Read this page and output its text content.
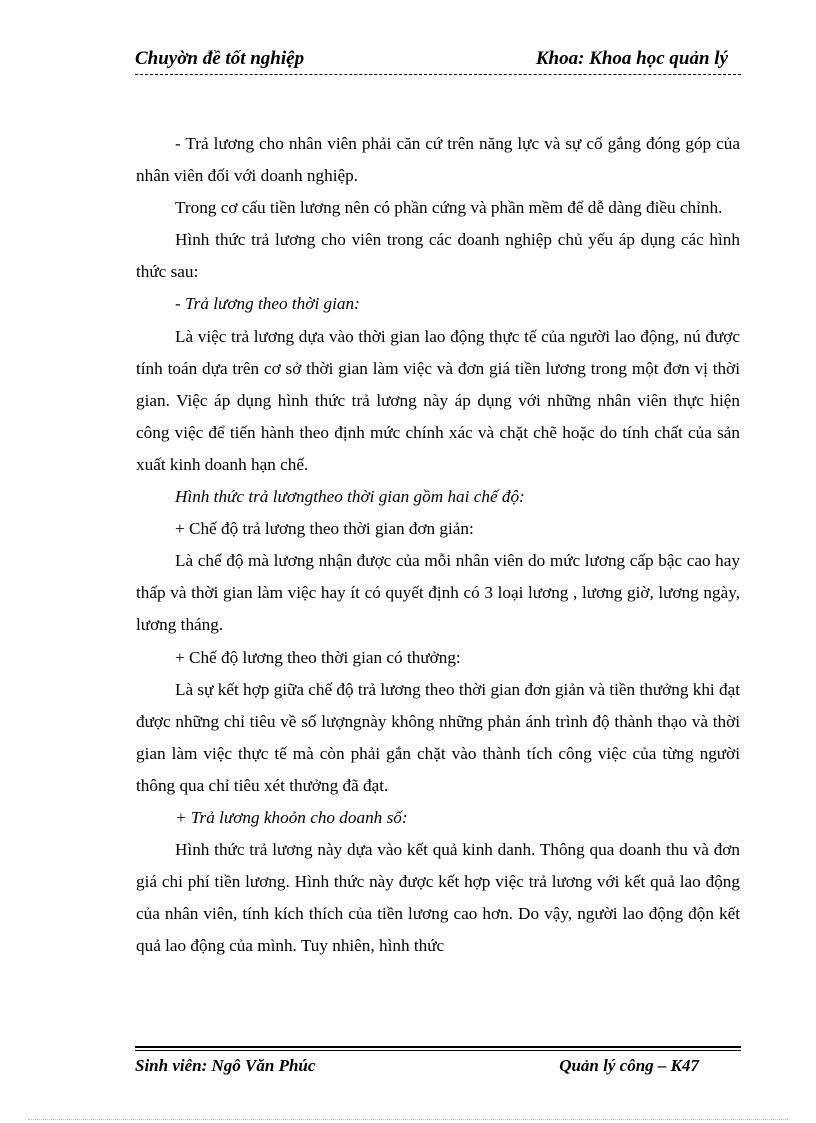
Chuyờn đề tốt nghiệp	Khoa: Khoa học quản lý

- Trả lương cho nhân viên phải căn cứ trên năng lực và sự cố gắng đóng góp của nhân viên đối với doanh nghiệp.

Trong cơ cấu tiền lương nên có phần cứng và phần mềm để dễ dàng điều chỉnh.

Hình thức trả lương cho viên trong các doanh nghiệp chủ yếu áp dụng các hình thức sau:

- Trả lương theo thời gian:

Là việc trả lương dựa vào thời gian lao động thực tế của người lao động, nú được tính toán dựa trên cơ sở thời gian làm việc và đơn giá tiền lương trong một đơn vị thời gian. Việc áp dụng hình thức trả lương này áp dụng với những nhân viên thực hiện công việc để tiến hành theo định mức chính xác và chặt chẽ hoặc do tính chất của sản xuất kinh doanh hạn chế.

Hình thức trả lươngtheo thời gian gồm hai chế độ:

+ Chế độ trả lương theo thời gian đơn giản:

Là chế độ mà lương nhận được của mỗi nhân viên do mức lương cấp bậc cao hay thấp và thời gian làm việc hay ít có quyết định có 3 loại lương , lương giờ, lương ngày, lương tháng.

+ Chế độ lương theo thời gian có thưởng:

Là sự kết hợp giữa chế độ trả lương theo thời gian đơn giản và tiền thưởng khi đạt được những chỉ tiêu về số lượngnày không những phản ánh trình độ thành thạo và thời gian làm việc thực tế mà còn phải gắn chặt vào thành tích công việc của từng người thông qua chỉ tiêu xét thưởng đã đạt.

+ Trả lương khoỏn cho doanh số:

Hình thức trả lương này dựa vào kết quả kinh danh. Thông qua doanh thu và đơn giá chi phí tiền lương. Hình thức này được kết hợp việc trả lương với kết quả lao động của nhân viên, tính kích thích của tiền lương cao hơn. Do vậy, người lao động độn kết quả lao động của mình. Tuy nhiên, hình thức

Sinh viên: Ngô Văn Phúc	Quản lý công – K47
